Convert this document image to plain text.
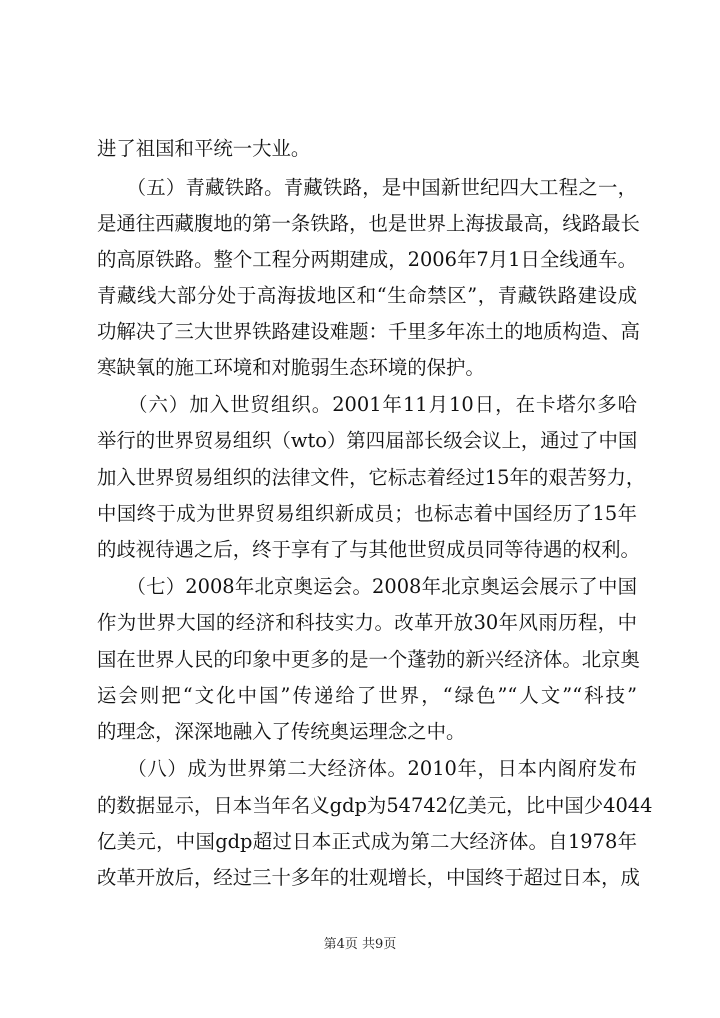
进了祖国和平统一大业。
　　（五）青藏铁路。青藏铁路，是中国新世纪四大工程之一，
是通往西藏腹地的第一条铁路，也是世界上海拔最高，线路最长
的高原铁路。整个工程分两期建成，2006年7月1日全线通车。
青藏线大部分处于高海拔地区和“生命禁区”，青藏铁路建设成
功解决了三大世界铁路建设难题：千里多年冻土的地质构造、高
寒缺氧的施工环境和对脆弱生态环境的保护。
　　（六）加入世贸组织。2001年11月10日，在卡塔尔多哈
举行的世界贸易组织（wto）第四届部长级会议上，通过了中国
加入世界贸易组织的法律文件，它标志着经过15年的艰苦努力，
中国终于成为世界贸易组织新成员；也标志着中国经历了15年
的歧视待遇之后，终于享有了与其他世贸成员同等待遇的权利。
　　（七）2008年北京奥运会。2008年北京奥运会展示了中国
作为世界大国的经济和科技实力。改革开放30年风雨历程，中
国在世界人民的印象中更多的是一个蓬勃的新兴经济体。北京奥
运会则把“文化中国”传递给了世界，“绿色”“人文”“科技”
的理念，深深地融入了传统奥运理念之中。
　　（八）成为世界第二大经济体。2010年，日本内阁府发布
的数据显示，日本当年名义gdp为54742亿美元，比中国少4044
亿美元，中国gdp超过日本正式成为第二大经济体。自1978年
改革开放后，经过三十多年的壮观增长，中国终于超过日本，成
第4页 共9页
